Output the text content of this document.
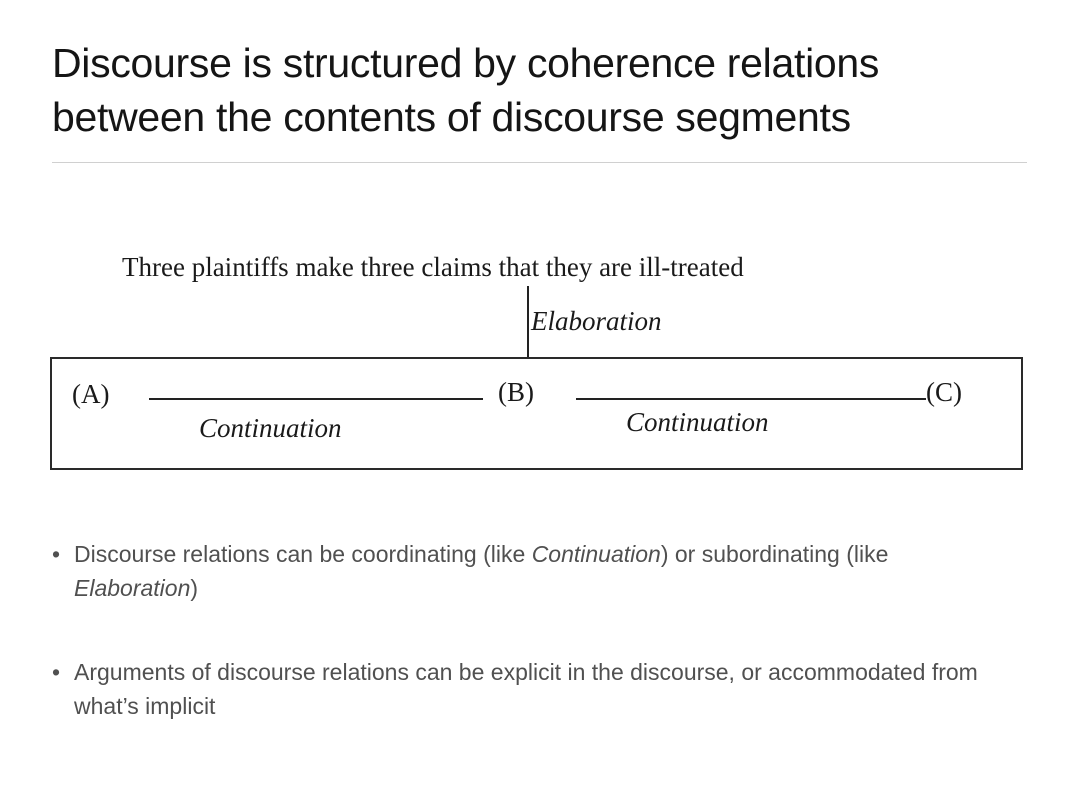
Discourse is structured by coherence relations
between the contents of discourse segments
Three plaintiffs make three claims that they are ill-treated
Elaboration
(A)
Continuation
(B)
Continuation
(C)
• Discourse relations can be coordinating (like Continuation) or subordinating (like Elaboration)
• Arguments of discourse relations can be explicit in the discourse, or accommodated from what’s implicit
